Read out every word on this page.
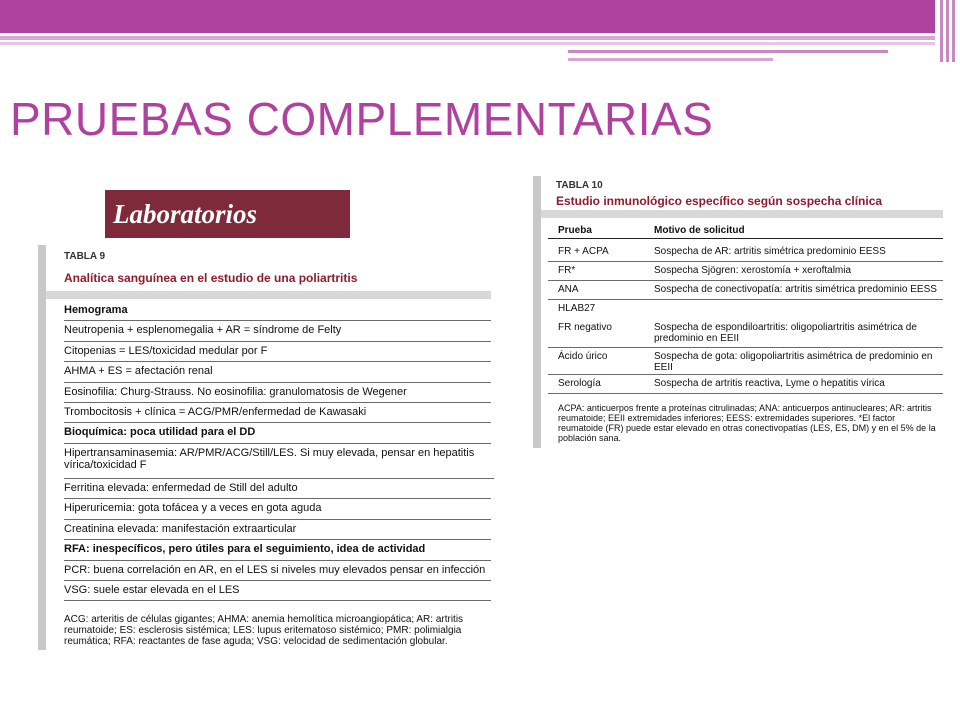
PRUEBAS COMPLEMENTARIAS
Laboratorios
TABLA 9
Analítica sanguínea en el estudio de una poliartritis
Hemograma
Neutropenia + esplenomegalia + AR = síndrome de Felty
Citopenias = LES/toxicidad medular por F
AHMA + ES = afectación renal
Eosinofilia: Churg-Strauss. No eosinofilia: granulomatosis de Wegener
Trombocitosis + clínica = ACG/PMR/enfermedad de Kawasaki
Bioquímica: poca utilidad para el DD
Hipertransaminasemia: AR/PMR/ACG/Still/LES. Si muy elevada, pensar en hepatitis vírica/toxicidad F
Ferritina elevada: enfermedad de Still del adulto
Hiperuricemia: gota tofácea y a veces en gota aguda
Creatinina elevada: manifestación extraarticular
RFA: inespecíficos, pero útiles para el seguimiento, idea de actividad
PCR: buena correlación en AR, en el LES si niveles muy elevados pensar en infección
VSG: suele estar elevada en el LES
ACG: arteritis de células gigantes; AHMA: anemia hemolítica microangiopática; AR: artritis reumatoide; ES: esclerosis sistémica; LES: lupus eritematoso sistémico; PMR: polimialgia reumática; RFA: reactantes de fase aguda; VSG: velocidad de sedimentación globular.
TABLA 10
Estudio inmunológico específico según sospecha clínica
Prueba	Motivo de solicitud
FR + ACPA	Sospecha de AR: artritis simétrica predominio EESS
FR*	Sospecha Sjögren: xerostomía + xeroftalmia
ANA	Sospecha de conectivopatía: artritis simétrica predominio EESS
HLAB27
FR negativo	Sospecha de espondiloartritis: oligopoliartritis asimétrica de predominio en EEII
Ácido úrico	Sospecha de gota: oligopoliartritis asimétrica de predominio en EEII
Serología	Sospecha de artritis reactiva, Lyme o hepatitis vírica
ACPA: anticuerpos frente a proteínas citrulinadas; ANA: anticuerpos antinucleares; AR: artritis reumatoide; EEII extremidades inferiores; EESS: extremidades superiores. *El factor reumatoide (FR) puede estar elevado en otras conectivopatías (LES, ES, DM) y en el 5% de la población sana.
